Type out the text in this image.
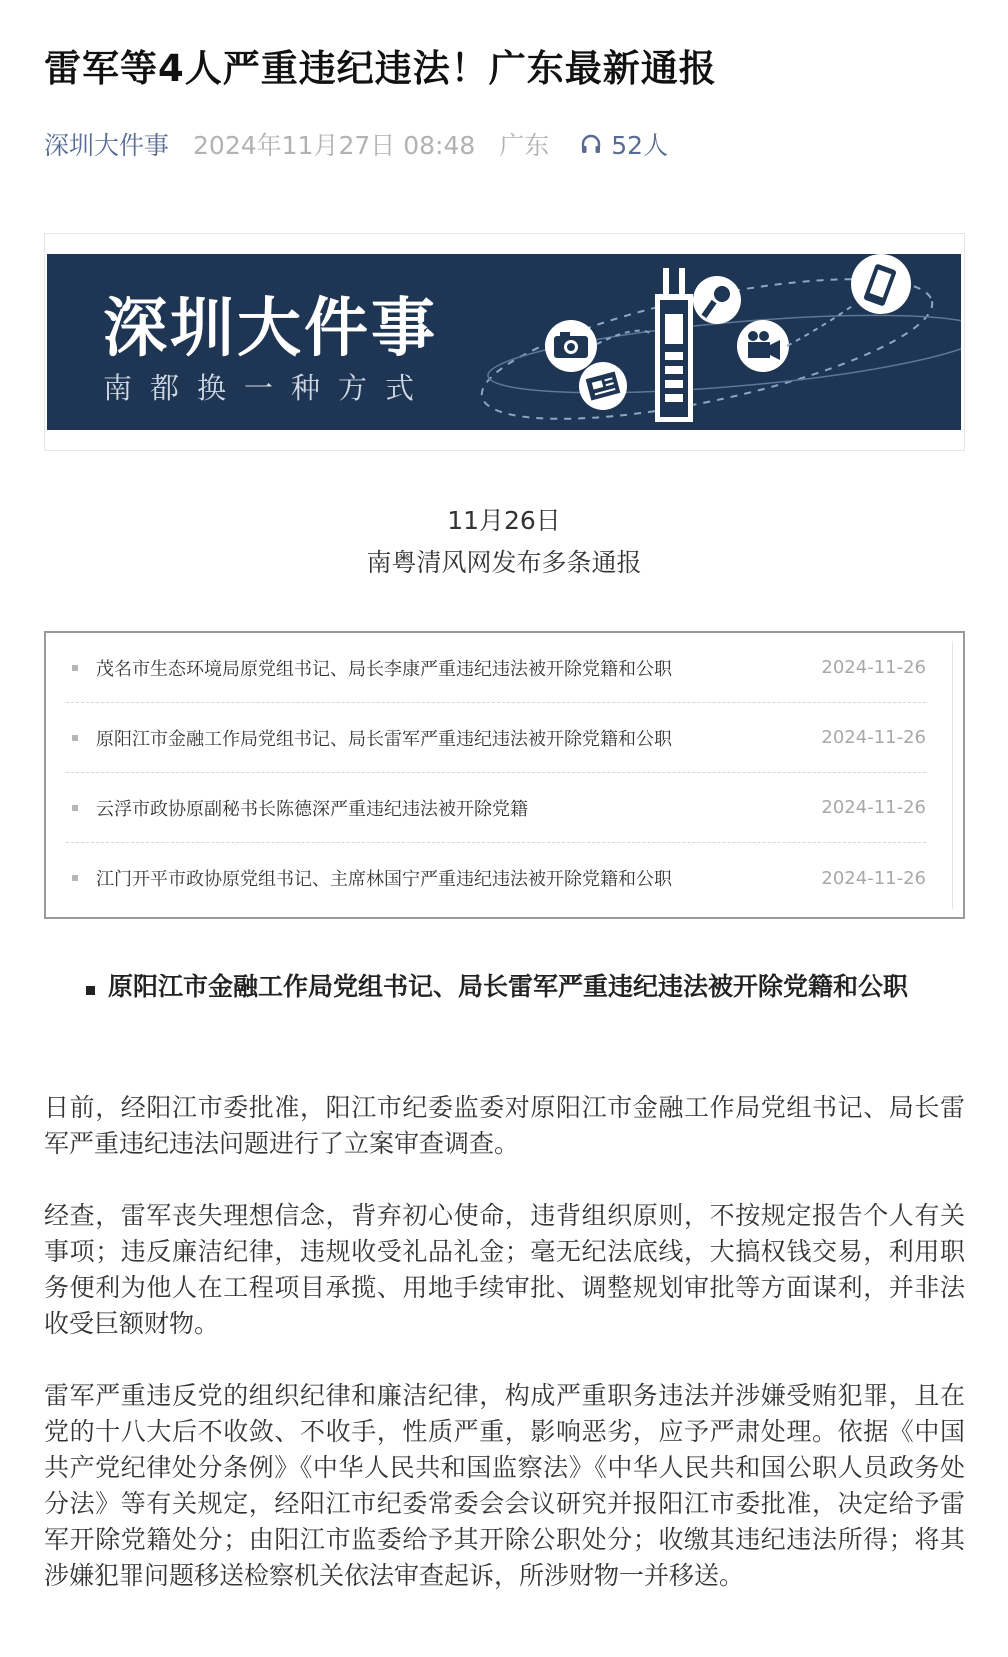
雷军等4人严重违纪违法！广东最新通报
深圳大件事 2024年11月27日 08:48 广东 52人
深圳大件事
南都换一种方式
11月26日
南粤清风网发布多条通报
茂名市生态环境局原党组书记、局长李康严重违纪违法被开除党籍和公职	2024-11-26
原阳江市金融工作局党组书记、局长雷军严重违纪违法被开除党籍和公职	2024-11-26
云浮市政协原副秘书长陈德深严重违纪违法被开除党籍	2024-11-26
江门开平市政协原党组书记、主席林国宁严重违纪违法被开除党籍和公职	2024-11-26
原阳江市金融工作局党组书记、局长雷军严重违纪违法被开除党籍和公职

日前，经阳江市委批准，阳江市纪委监委对原阳江市金融工作局党组书记、局长雷军严重违纪违法问题进行了立案审查调查。

经查，雷军丧失理想信念，背弃初心使命，违背组织原则，不按规定报告个人有关事项；违反廉洁纪律，违规收受礼品礼金；毫无纪法底线，大搞权钱交易，利用职务便利为他人在工程项目承揽、用地手续审批、调整规划审批等方面谋利，并非法收受巨额财物。

雷军严重违反党的组织纪律和廉洁纪律，构成严重职务违法并涉嫌受贿犯罪，且在党的十八大后不收敛、不收手，性质严重，影响恶劣，应予严肃处理。依据《中国共产党纪律处分条例》《中华人民共和国监察法》《中华人民共和国公职人员政务处分法》等有关规定，经阳江市纪委常委会会议研究并报阳江市委批准，决定给予雷军开除党籍处分；由阳江市监委给予其开除公职处分；收缴其违纪违法所得；将其涉嫌犯罪问题移送检察机关依法审查起诉，所涉财物一并移送。
